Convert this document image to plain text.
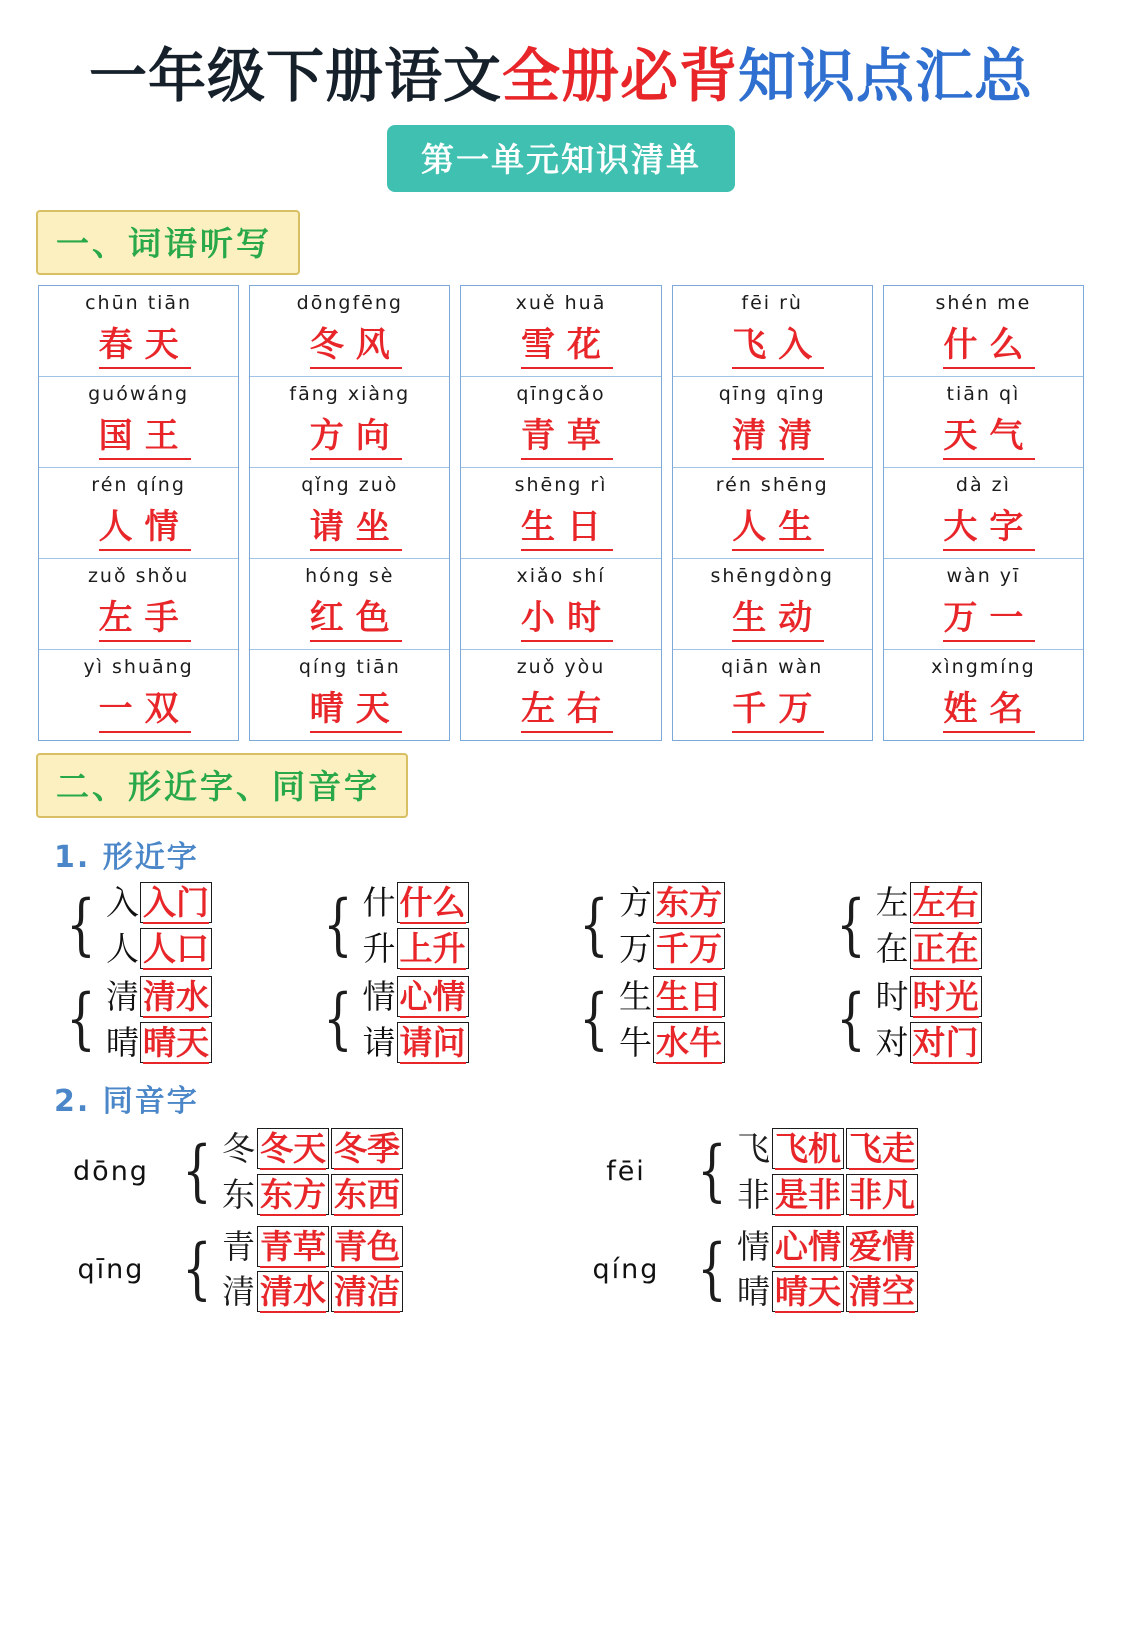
一年级下册语文全册必背知识点汇总
第一单元知识清单
一、词语听写
chūn tiān
春天
guówáng
国王
rén qíng
人情
zuǒ shǒu
左手
yì shuāng
一双
dōngfēng
冬风
fāng xiàng
方向
qǐng zuò
请坐
hóng sè
红色
qíng tiān
晴天
xuě huā
雪花
qīngcǎo
青草
shēng rì
生日
xiǎo shí
小时
zuǒ yòu
左右
fēi rù
飞入
qīng qīng
清清
rén shēng
人生
shēngdòng
生动
qiān wàn
千万
shén me
什么
tiān qì
天气
dà zì
大字
wàn yī
万一
xìngmíng
姓名
二、形近字、同音字
1. 形近字
{ 入 入门
人 人口 { 什 什么
升 上升 { 方 东方
万 千万 { 左 左右
在 正在
{ 清 清水
晴 晴天 { 情 心情
请 请问 { 生 生日
牛 水牛 { 时 时光
对 对门
2. 同音字
dōng { 冬 冬天 冬季
东 东方 东西
fēi { 飞 飞机 飞走
非 是非 非凡
qīng { 青 青草 青色
清 清水 清洁
qíng { 情 心情 爱情
晴 晴天 清空
